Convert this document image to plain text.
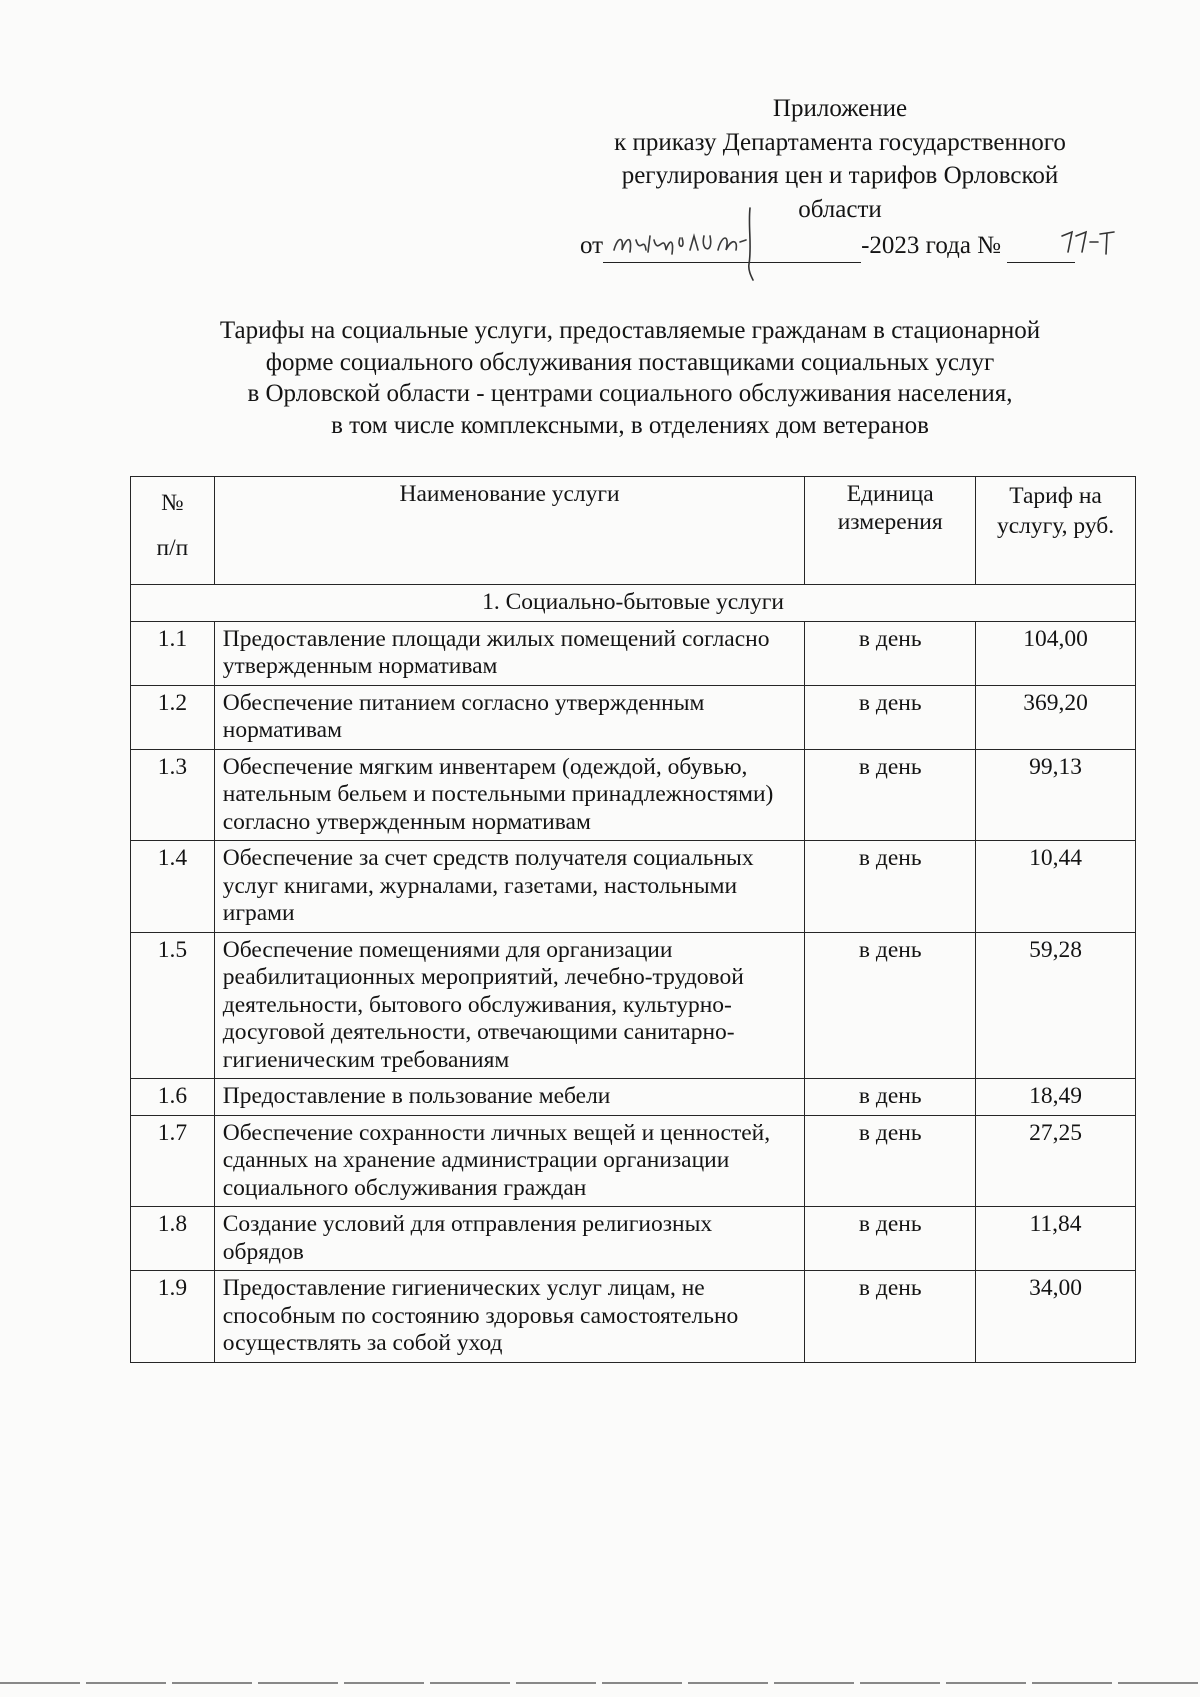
Приложение
к приказу Департамента государственного
регулирования цен и тарифов Орловской
области
от	-2023 года №
Тарифы на социальные услуги, предоставляемые гражданам в стационарной
форме социального обслуживания поставщиками социальных услуг
в Орловской области - центрами социального обслуживания населения,
в том числе комплексными, в отделениях дом ветеранов
№
п/п	Наименование услуги	Единица измерения	Тариф на услугу, руб.
1. Социально-бытовые услуги			
1.1	Предоставление площади жилых помещений согласно утвержденным нормативам	в день	104,00
1.2	Обеспечение питанием согласно утвержденным нормативам	в день	369,20
1.3	Обеспечение мягким инвентарем (одеждой, обувью, нательным бельем и постельными принадлежностями) согласно утвержденным нормативам	в день	99,13
1.4	Обеспечение за счет средств получателя социальных услуг книгами, журналами, газетами, настольными играми	в день	10,44
1.5	Обеспечение помещениями для организации реабилитационных мероприятий, лечебно-трудовой деятельности, бытового обслуживания, культурно-досуговой деятельности, отвечающими санитарно-гигиеническим требованиям	в день	59,28
1.6	Предоставление в пользование мебели	в день	18,49
1.7	Обеспечение сохранности личных вещей и ценностей, сданных на хранение администрации организации социального обслуживания граждан	в день	27,25
1.8	Создание условий для отправления религиозных обрядов	в день	11,84
1.9	Предоставление гигиенических услуг лицам, не способным по состоянию здоровья самостоятельно осуществлять за собой уход	в день	34,00
